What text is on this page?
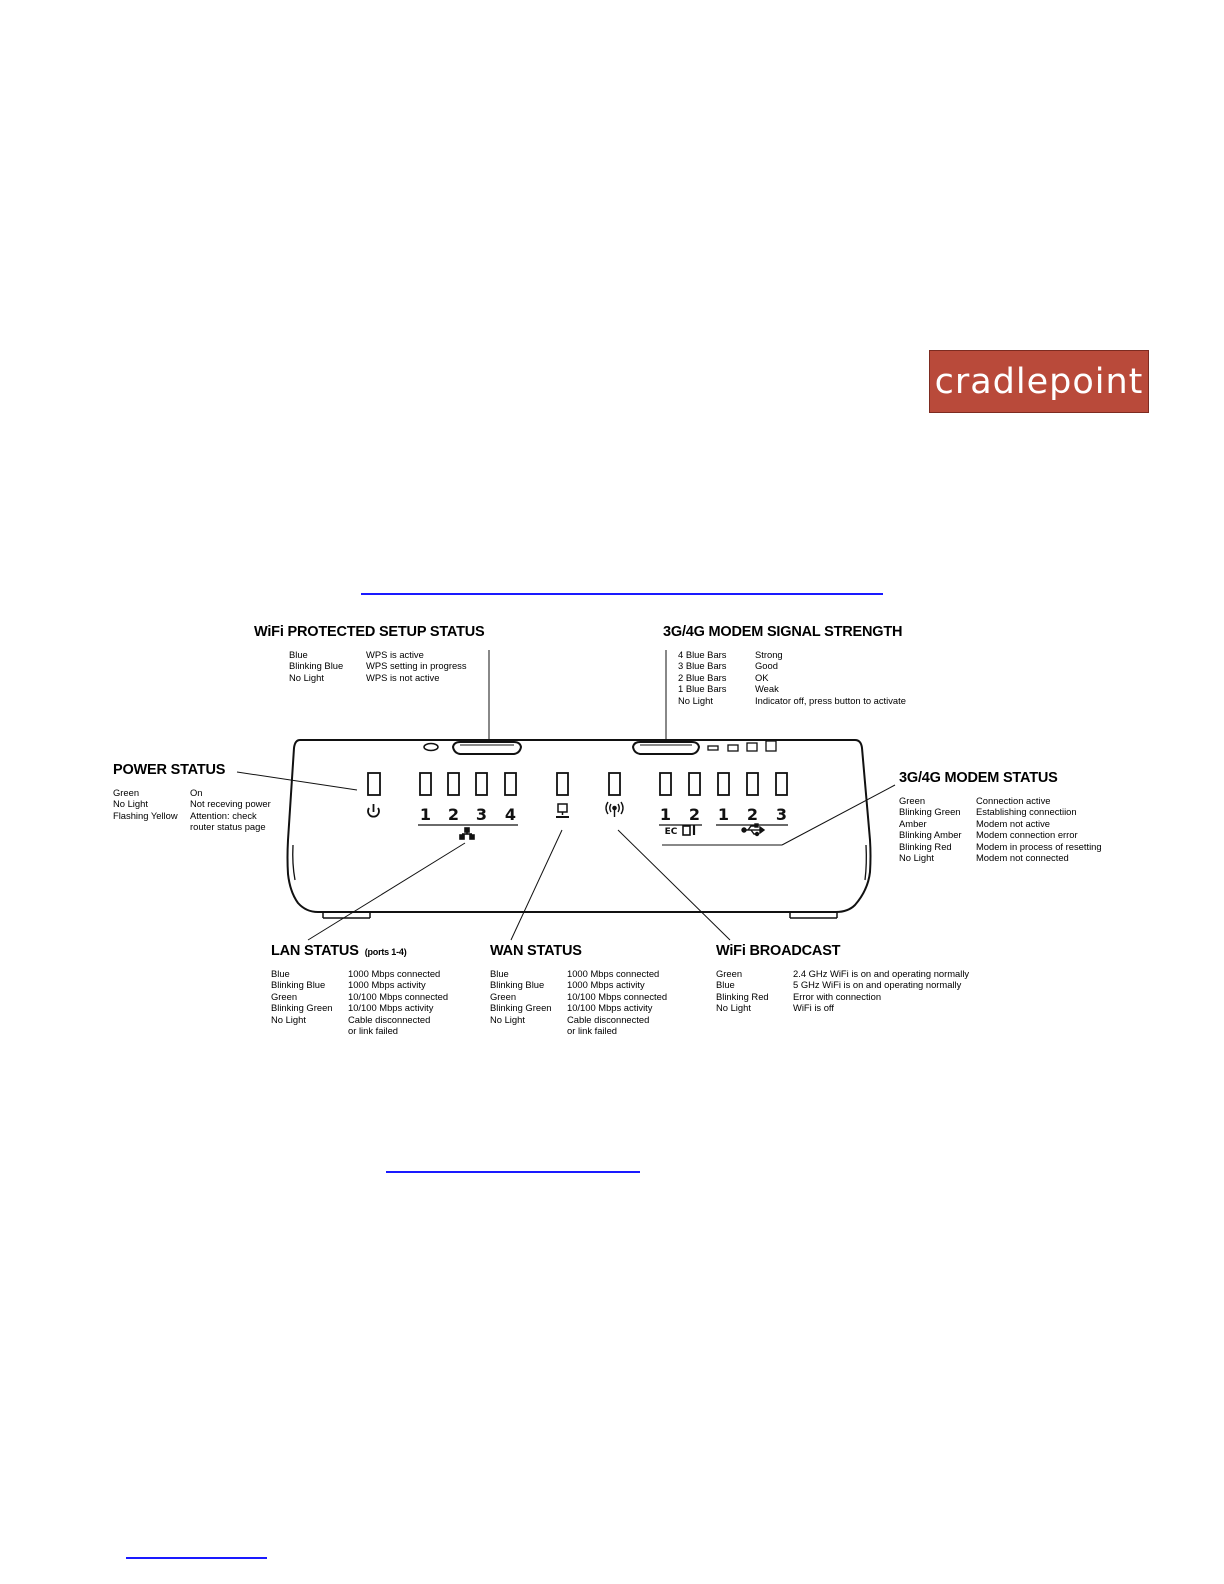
cradlepoint
1 2 3 4	1 2 1 2 3
EC
WiFi PROTECTED SETUP STATUS
Blue	WPS is active
Blinking Blue	WPS setting in progress
No Light	WPS is not active
3G/4G MODEM SIGNAL STRENGTH
4 Blue Bars	Strong
3 Blue Bars	Good
2 Blue Bars	OK
1 Blue Bars	Weak
No Light	Indicator off, press button to activate
POWER STATUS
Green	On
No Light	Not receving power
Flashing Yellow	Attention: check
	router status page
3G/4G MODEM STATUS
Green	Connection active
Blinking Green	Establishing connectiion
Amber	Modem not active
Blinking Amber	Modem connection error
Blinking Red	Modem in process of resetting
No Light	Modem not connected
LAN STATUS (ports 1-4)
Blue	1000 Mbps connected
Blinking Blue	1000 Mbps activity
Green	10/100 Mbps connected
Blinking Green	10/100 Mbps activity
No Light	Cable disconnected
	or link failed
WAN STATUS
Blue	1000 Mbps connected
Blinking Blue	1000 Mbps activity
Green	10/100 Mbps connected
Blinking Green	10/100 Mbps activity
No Light	Cable disconnected
	or link failed
WiFi BROADCAST
Green	2.4 GHz WiFi is on and operating normally
Blue	5 GHz WiFi is on and operating normally
Blinking Red	Error with connection
No Light	WiFi is off
